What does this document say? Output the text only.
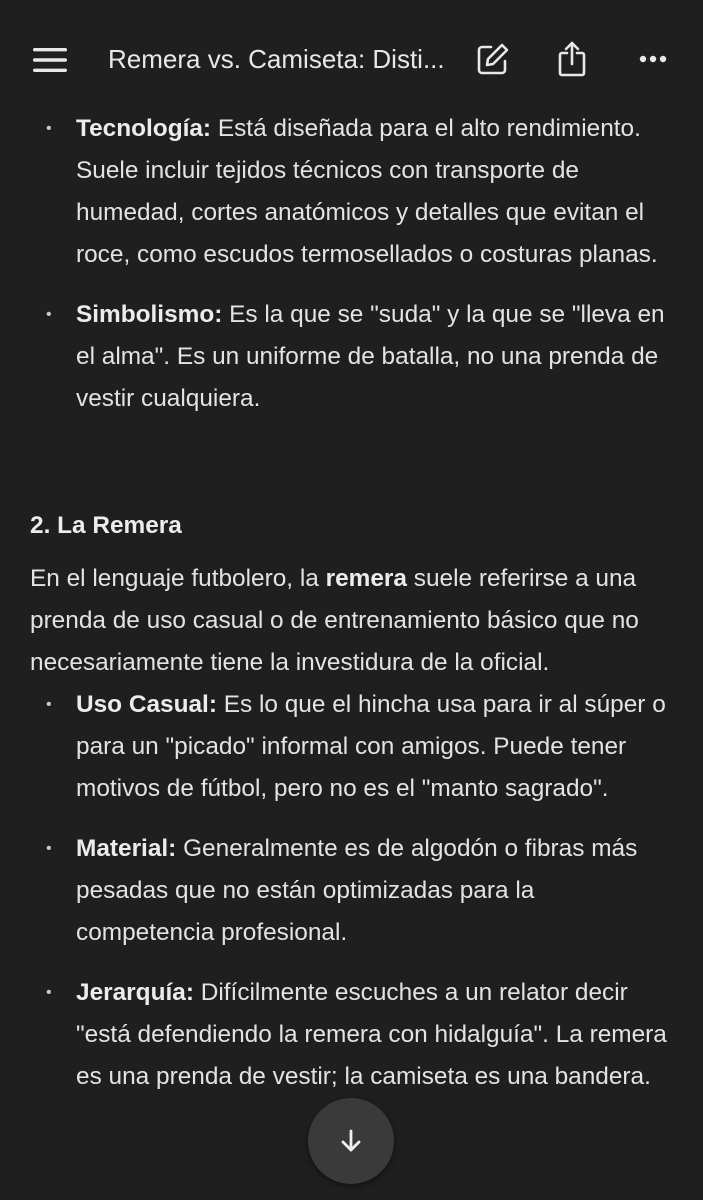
Remera vs. Camiseta: Disti...
• Tecnología: Está diseñada para el alto rendimiento. Suele incluir tejidos técnicos con transporte de humedad, cortes anatómicos y detalles que evitan el roce, como escudos termosellados o costuras planas.
• Simbolismo: Es la que se "suda" y la que se "lleva en el alma". Es un uniforme de batalla, no una prenda de vestir cualquiera.
2. La Remera
En el lenguaje futbolero, la remera suele referirse a una prenda de uso casual o de entrenamiento básico que no necesariamente tiene la investidura de la oficial.
• Uso Casual: Es lo que el hincha usa para ir al súper o para un "picado" informal con amigos. Puede tener motivos de fútbol, pero no es el "manto sagrado".
• Material: Generalmente es de algodón o fibras más pesadas que no están optimizadas para la competencia profesional.
• Jerarquía: Difícilmente escuches a un relator decir "está defendiendo la remera con hidalguía". La remera es una prenda de vestir; la camiseta es una bandera.
